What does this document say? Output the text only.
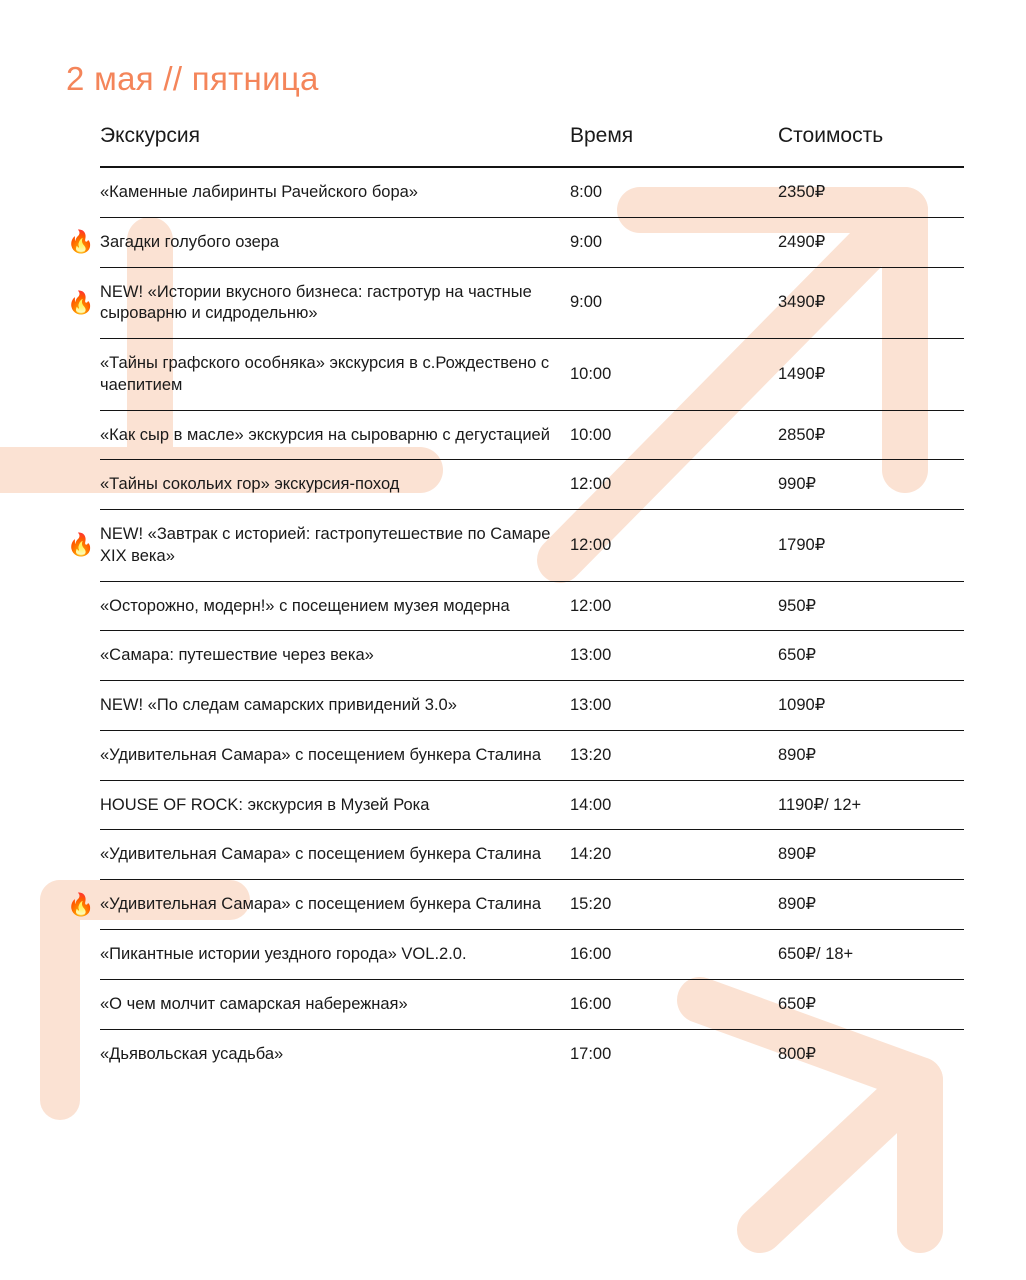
2 мая // пятница
	Экскурсия	Время	Стоимость
	«Каменные лабиринты Рачейского бора»	8:00	2350₽
🔥	Загадки голубого озера	9:00	2490₽
🔥	NEW! «Истории вкусного бизнеса: гастротур на частные сыроварню и сидродельню»	9:00	3490₽
	«Тайны графского особняка» экскурсия в с.Рождествено с чаепитием	10:00	1490₽
	«Как сыр в масле» экскурсия на сыроварню с дегустацией	10:00	2850₽
	«Тайны сокольих гор» экскурсия-поход	12:00	990₽
🔥	NEW! «Завтрак с историей: гастропутешествие по Самаре XIX века»	12:00	1790₽
	«Осторожно, модерн!» с посещением музея модерна	12:00	950₽
	«Самара: путешествие через века»	13:00	650₽
	NEW! «По следам самарских привидений 3.0»	13:00	1090₽
	«Удивительная Самара» с посещением бункера Сталина	13:20	890₽
	HOUSE OF ROCK: экскурсия в Музей Рока	14:00	1190₽/ 12+
	«Удивительная Самара» с посещением бункера Сталина	14:20	890₽
🔥	«Удивительная Самара» с посещением бункера Сталина	15:20	890₽
	«Пикантные истории уездного города» VOL.2.0.	16:00	650₽/ 18+
	«О чем молчит самарская набережная»	16:00	650₽
	«Дьявольская усадьба»	17:00	800₽
